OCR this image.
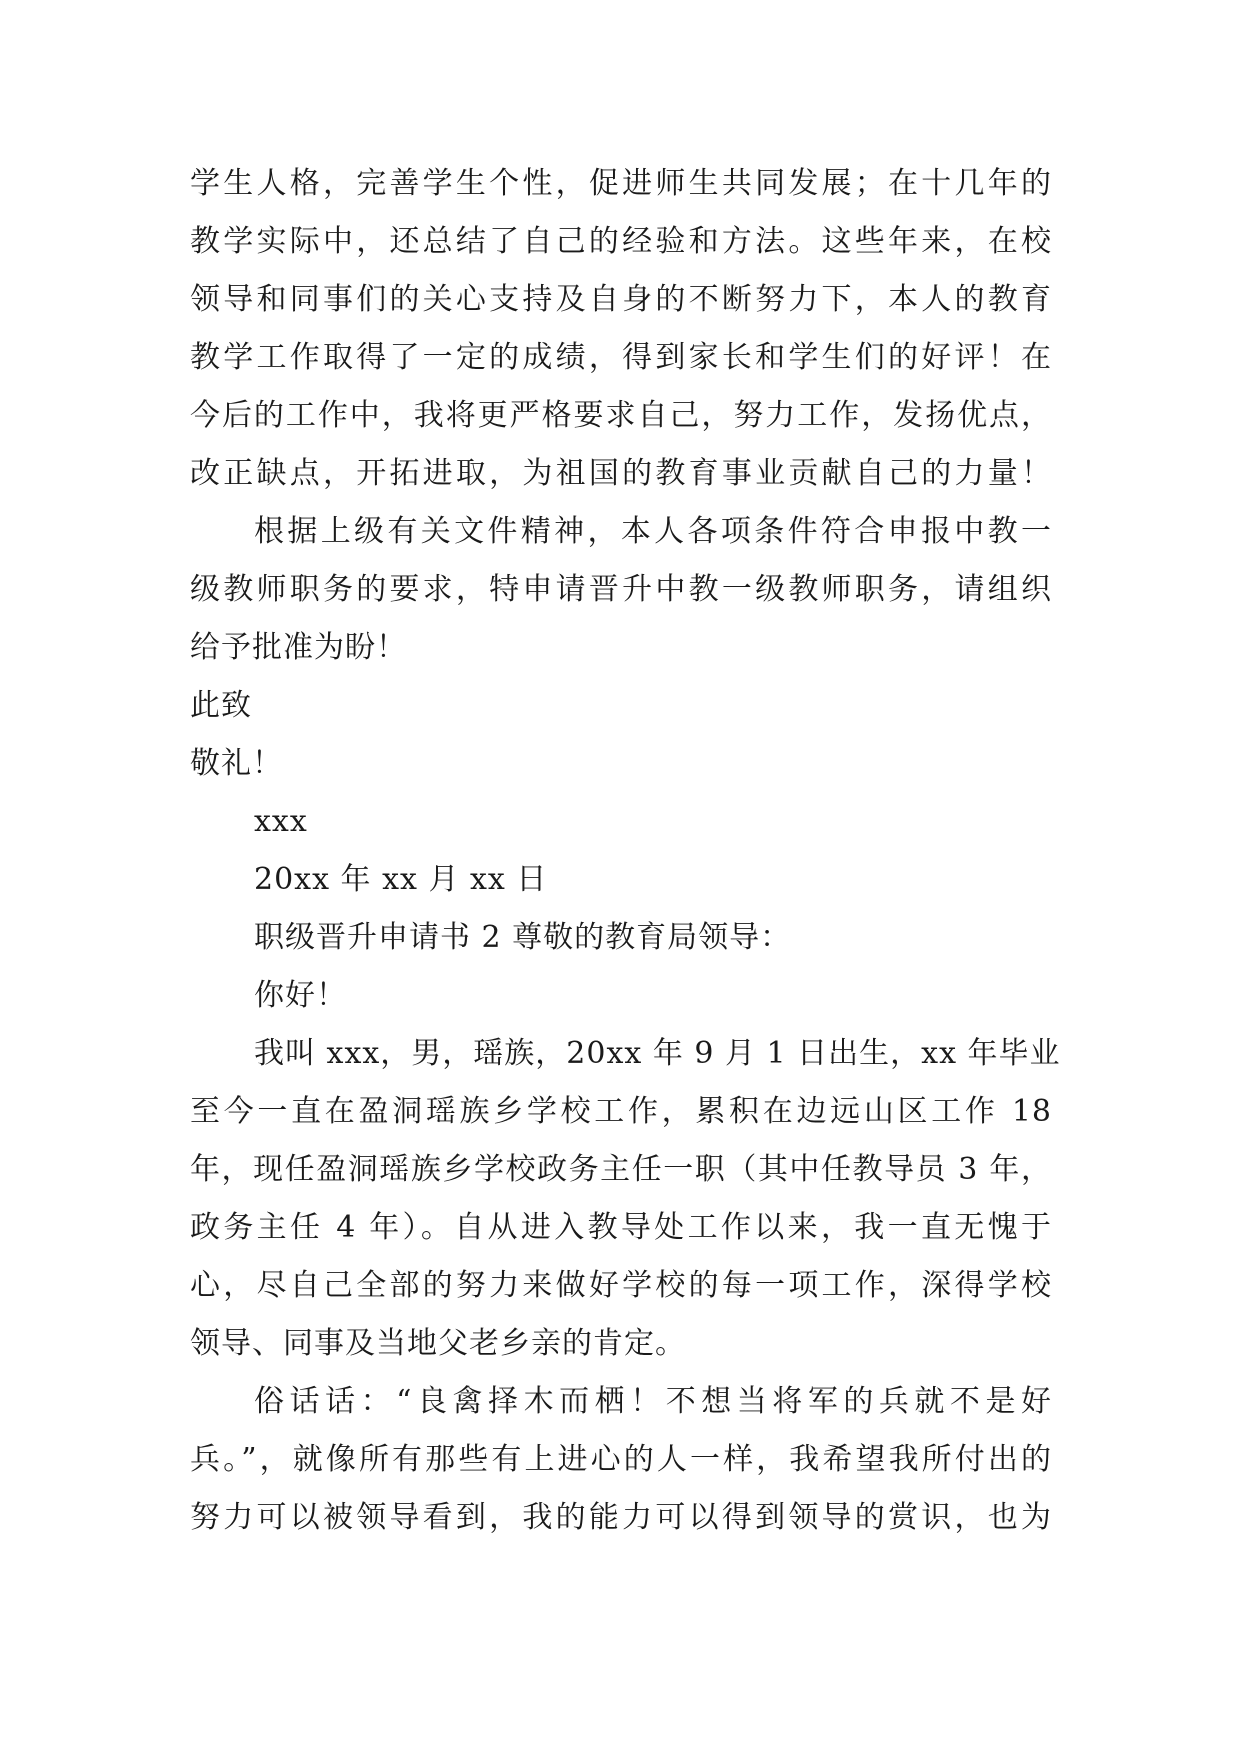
学生人格，完善学生个性，促进师生共同发展；在十几年的
教学实际中，还总结了自己的经验和方法。这些年来，在校
领导和同事们的关心支持及自身的不断努力下，本人的教育
教学工作取得了一定的成绩，得到家长和学生们的好评！在
今后的工作中，我将更严格要求自己，努力工作，发扬优点，
改正缺点，开拓进取，为祖国的教育事业贡献自己的力量！
根据上级有关文件精神，本人各项条件符合申报中教一
级教师职务的要求，特申请晋升中教一级教师职务，请组织
给予批准为盼！
此致
敬礼！
xxx
20xx 年 xx 月 xx 日
职级晋升申请书 2 尊敬的教育局领导：
你好！
我叫 xxx，男，瑶族，20xx 年 9 月 1 日出生，xx 年毕业
至今一直在盈洞瑶族乡学校工作，累积在边远山区工作 18
年，现任盈洞瑶族乡学校政务主任一职（其中任教导员 3 年，
政务主任 4 年）。自从进入教导处工作以来，我一直无愧于
心，尽自己全部的努力来做好学校的每一项工作，深得学校
领导、同事及当地父老乡亲的肯定。
俗话话：“良禽择木而栖！不想当将军的兵就不是好
兵。”，就像所有那些有上进心的人一样，我希望我所付出的
努力可以被领导看到，我的能力可以得到领导的赏识，也为
